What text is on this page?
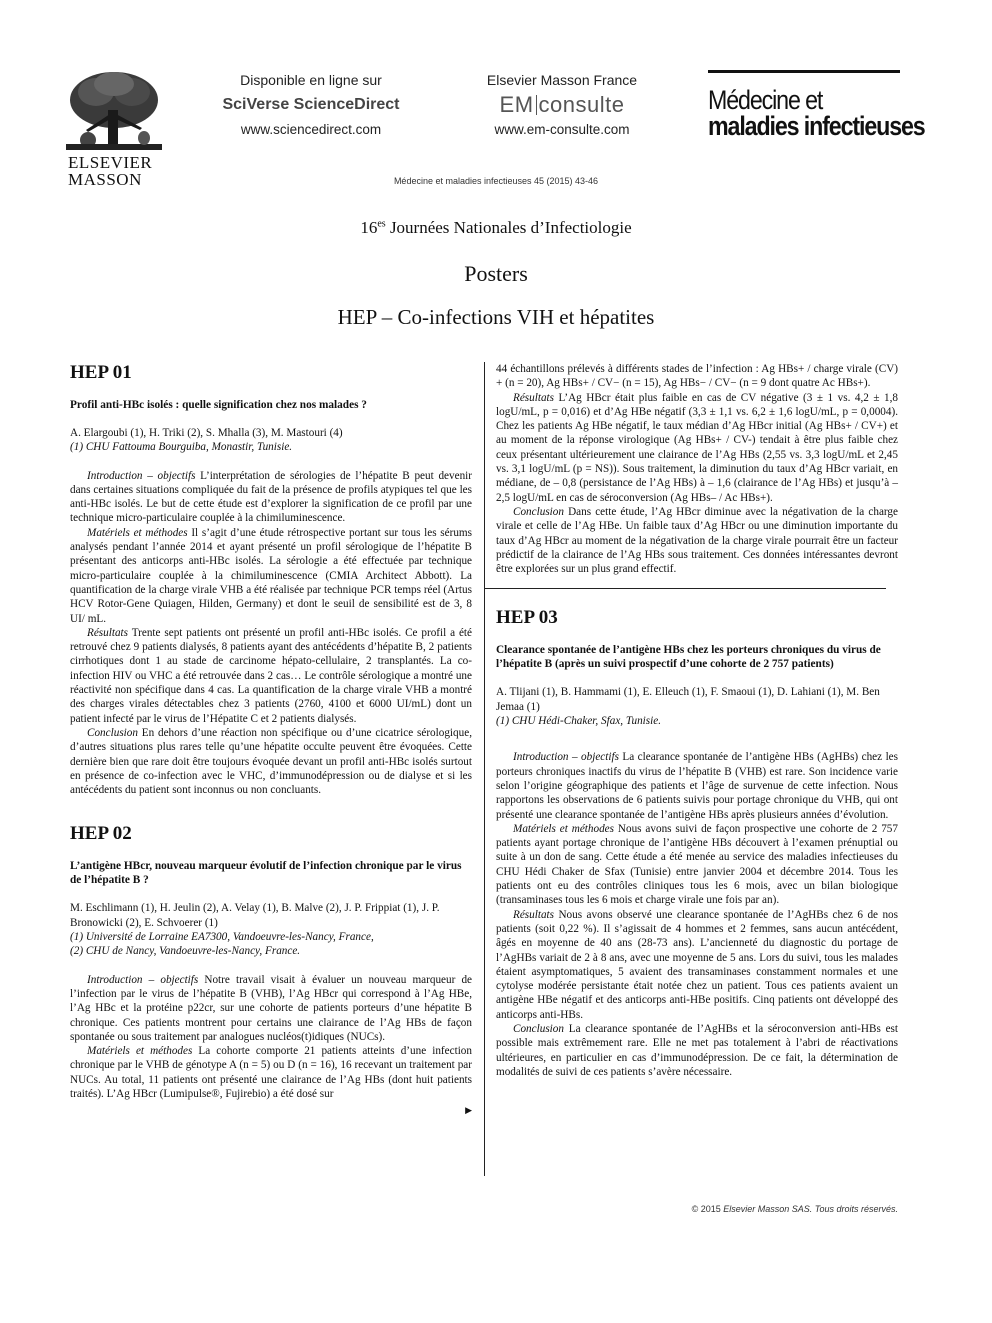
ELSEVIER
MASSON
Disponible en ligne sur
SciVerse ScienceDirect
www.sciencedirect.com
Elsevier Masson France
EM consulte
www.em-consulte.com
Médecine et
maladies infectieuses
Médecine et maladies infectieuses 45 (2015) 43-46
$16^{es}$ Journées Nationales d’Infectiologie
Posters
HEP – Co-infections VIH et hépatites
HEP 01
Profil anti-HBc isolés : quelle signification chez nos malades ?
A. Elargoubi (1), H. Triki (2), S. Mhalla (3), M. Mastouri (4)
(1) CHU Fattouma Bourguiba, Monastir, Tunisie.

Introduction – objectifs L’interprétation de sérologies de l’hépatite B peut devenir dans certaines situations compliquée du fait de la présence de profils atypiques tel que les anti-HBc isolés. Le but de cette étude est d’explorer la signification de ce profil par une technique micro-particulaire couplée à la chimiluminescence.

Matériels et méthodes Il s’agit d’une étude rétrospective portant sur tous les sérums analysés pendant l’année 2014 et ayant présenté un profil sérologique de l’hépatite B présentant des anticorps anti-HBc isolés. La sérologie a été effectuée par technique micro-particulaire couplée à la chimiluminescence (CMIA Architect Abbott). La quantification de la charge virale VHB a été réalisée par technique PCR temps réel (Artus HCV Rotor-Gene Quiagen, Hilden, Germany) et dont le seuil de sensibilité est de 3, 8 UI/ mL.

Résultats Trente sept patients ont présenté un profil anti-HBc isolés. Ce profil a été retrouvé chez 9 patients dialysés, 8 patients ayant des antécédents d’hépatite B, 2 patients cirrhotiques dont 1 au stade de carcinome hépato-cellulaire, 2 transplantés. La co-infection HIV ou VHC a été retrouvée dans 2 cas… Le contrôle sérologique a montré une réactivité non spécifique dans 4 cas. La quantification de la charge virale VHB a montré des charges virales détectables chez 3 patients (2760, 4100 et 6000 UI/mL) dont un patient infecté par le virus de l’Hépatite C et 2 patients dialysés.

Conclusion En dehors d’une réaction non spécifique ou d’une cicatrice sérologique, d’autres situations plus rares telle qu’une hépatite occulte peuvent être évoquées. Cette dernière bien que rare doit être toujours évoquée devant un profil anti-HBc isolés surtout en présence de co-infection avec le VHC, d’immunodépression ou de dialyse et si les antécédents du patient sont inconnus ou non concluants.

HEP 02
L’antigène HBcr, nouveau marqueur évolutif de l’infection chronique par le virus de l’hépatite B ?
M. Eschlimann (1), H. Jeulin (2), A. Velay (1), B. Malve (2), J. P. Frippiat (1), J. P. Bronowicki (2), E. Schvoerer (1)
(1) Université de Lorraine EA7300, Vandoeuvre-les-Nancy, France,
(2) CHU de Nancy, Vandoeuvre-les-Nancy, France.

Introduction – objectifs Notre travail visait à évaluer un nouveau marqueur de l’infection par le virus de l’hépatite B (VHB), l’Ag HBcr qui correspond à l’Ag HBe, l’Ag HBc et la protéine p22cr, sur une cohorte de patients porteurs d’une hépatite B chronique. Ces patients montrent pour certains une clairance de l’Ag HBs de façon spontanée ou sous traitement par analogues nucléos(t)idiques (NUCs).

Matériels et méthodes La cohorte comporte 21 patients atteints d’une infection chronique par le VHB de génotype A (n = 5) ou D (n = 16), 16 recevant un traitement par NUCs. Au total, 11 patients ont présenté une clairance de l’Ag HBs (dont huit patients traités). L’Ag HBcr (Lumipulse®, Fujirebio) a été dosé sur

▶

44 échantillons prélevés à différents stades de l’infection : Ag HBs+ / charge virale (CV) + (n = 20), Ag HBs+ / CV− (n = 15), Ag HBs− / CV− (n = 9 dont quatre Ac HBs+).

Résultats L’Ag HBcr était plus faible en cas de CV négative (3 ± 1 vs. 4,2 ± 1,8 logU/mL, p = 0,016) et d’Ag HBe négatif (3,3 ± 1,1 vs. 6,2 ± 1,6 logU/mL, p = 0,0004). Chez les patients Ag HBe négatif, le taux médian d’Ag HBcr initial (Ag HBs+ / CV+) et au moment de la réponse virologique (Ag HBs+ / CV-) tendait à être plus faible chez ceux présentant ultérieurement une clairance de l’Ag HBs (2,55 vs. 3,3 logU/mL et 2,45 vs. 3,1 logU/mL (p = NS)). Sous traitement, la diminution du taux d’Ag HBcr variait, en médiane, de – 0,8 (persistance de l’Ag HBs) à – 1,6 (clairance de l’Ag HBs) et jusqu’à – 2,5 logU/mL en cas de séroconversion (Ag HBs– / Ac HBs+).

Conclusion Dans cette étude, l’Ag HBcr diminue avec la négativation de la charge virale et celle de l’Ag HBe. Un faible taux d’Ag HBcr ou une diminution importante du taux d’Ag HBcr au moment de la négativation de la charge virale pourrait être un facteur prédictif de la clairance de l’Ag HBs sous traitement. Ces données intéressantes devront être explorées sur un plus grand effectif.

HEP 03
Clearance spontanée de l’antigène HBs chez les porteurs chroniques du virus de l’hépatite B (après un suivi prospectif d’une cohorte de 2 757 patients)
A. Tlijani (1), B. Hammami (1), E. Elleuch (1), F. Smaoui (1), D. Lahiani (1), M. Ben Jemaa (1)
(1) CHU Hédi-Chaker, Sfax, Tunisie.

Introduction – objectifs La clearance spontanée de l’antigène HBs (AgHBs) chez les porteurs chroniques inactifs du virus de l’hépatite B (VHB) est rare. Son incidence varie selon l’origine géographique des patients et l’âge de survenue de cette infection. Nous rapportons les observations de 6 patients suivis pour portage chronique du VHB, qui ont présenté une clearance spontanée de l’antigène HBs après plusieurs années d’évolution.

Matériels et méthodes Nous avons suivi de façon prospective une cohorte de 2 757 patients ayant portage chronique de l’antigène HBs découvert à l’examen prénuptial ou suite à un don de sang. Cette étude a été menée au service des maladies infectieuses du CHU Hédi Chaker de Sfax (Tunisie) entre janvier 2004 et décembre 2014. Tous les patients ont eu des contrôles cliniques tous les 6 mois, avec un bilan biologique (transaminases tous les 6 mois et charge virale une fois par an).

Résultats Nous avons observé une clearance spontanée de l’AgHBs chez 6 de nos patients (soit 0,22 %). Il s’agissait de 4 hommes et 2 femmes, sans aucun antécédent, âgés en moyenne de 40 ans (28-73 ans). L’ancienneté du diagnostic du portage de l’AgHBs variait de 2 à 8 ans, avec une moyenne de 5 ans. Lors du suivi, tous les malades étaient asymptomatiques, 5 avaient des transaminases constamment normales et une cytolyse modérée persistante était notée chez un patient. Tous ces patients avaient un antigène HBe négatif et des anticorps anti-HBe positifs. Cinq patients ont développé des anticorps anti-HBs.

Conclusion La clearance spontanée de l’AgHBs et la séroconversion anti-HBs est possible mais extrêmement rare. Elle ne met pas totalement à l’abri de réactivations ultérieures, en particulier en cas d’immunodépression. De ce fait, la détermination de modalités de suivi de ces patients s’avère nécessaire.

© 2015 Elsevier Masson SAS. Tous droits réservés.
